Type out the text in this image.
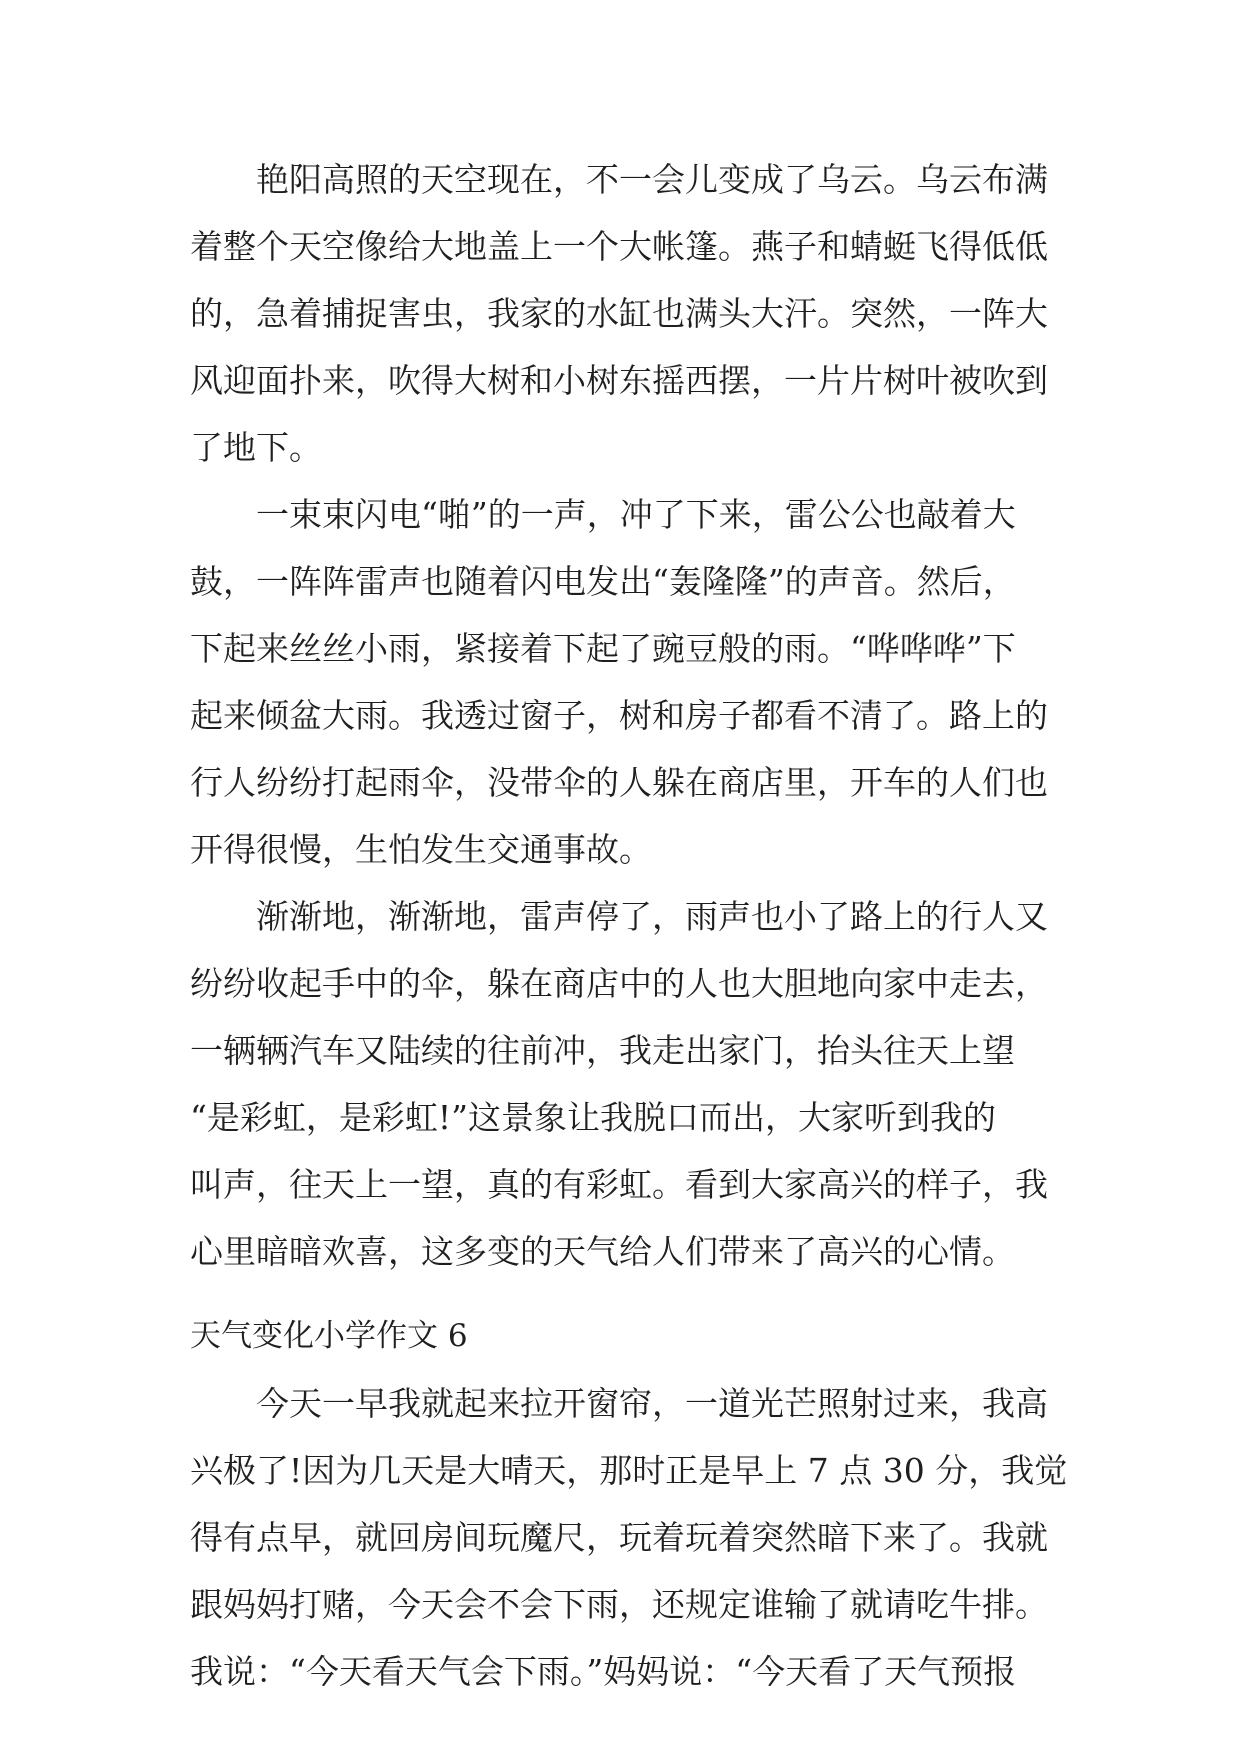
艳阳高照的天空现在，不一会儿变成了乌云。乌云布满
着整个天空像给大地盖上一个大帐篷。燕子和蜻蜓飞得低低
的，急着捕捉害虫，我家的水缸也满头大汗。突然，一阵大
风迎面扑来，吹得大树和小树东摇西摆，一片片树叶被吹到
了地下。
一束束闪电“啪”的一声，冲了下来，雷公公也敲着大
鼓，一阵阵雷声也随着闪电发出“轰隆隆”的声音。然后，
下起来丝丝小雨，紧接着下起了豌豆般的雨。“哗哗哗”下
起来倾盆大雨。我透过窗子，树和房子都看不清了。路上的
行人纷纷打起雨伞，没带伞的人躲在商店里，开车的人们也
开得很慢，生怕发生交通事故。
渐渐地，渐渐地，雷声停了，雨声也小了路上的行人又
纷纷收起手中的伞，躲在商店中的人也大胆地向家中走去，
一辆辆汽车又陆续的往前冲，我走出家门，抬头往天上望
“是彩虹，是彩虹!”这景象让我脱口而出，大家听到我的
叫声，往天上一望，真的有彩虹。看到大家高兴的样子，我
心里暗暗欢喜，这多变的天气给人们带来了高兴的心情。
天气变化小学作文 6
今天一早我就起来拉开窗帘，一道光芒照射过来，我高
兴极了!因为几天是大晴天，那时正是早上 7 点 30 分，我觉
得有点早，就回房间玩魔尺，玩着玩着突然暗下来了。我就
跟妈妈打赌，今天会不会下雨，还规定谁输了就请吃牛排。
我说：“今天看天气会下雨。”妈妈说：“今天看了天气预报
